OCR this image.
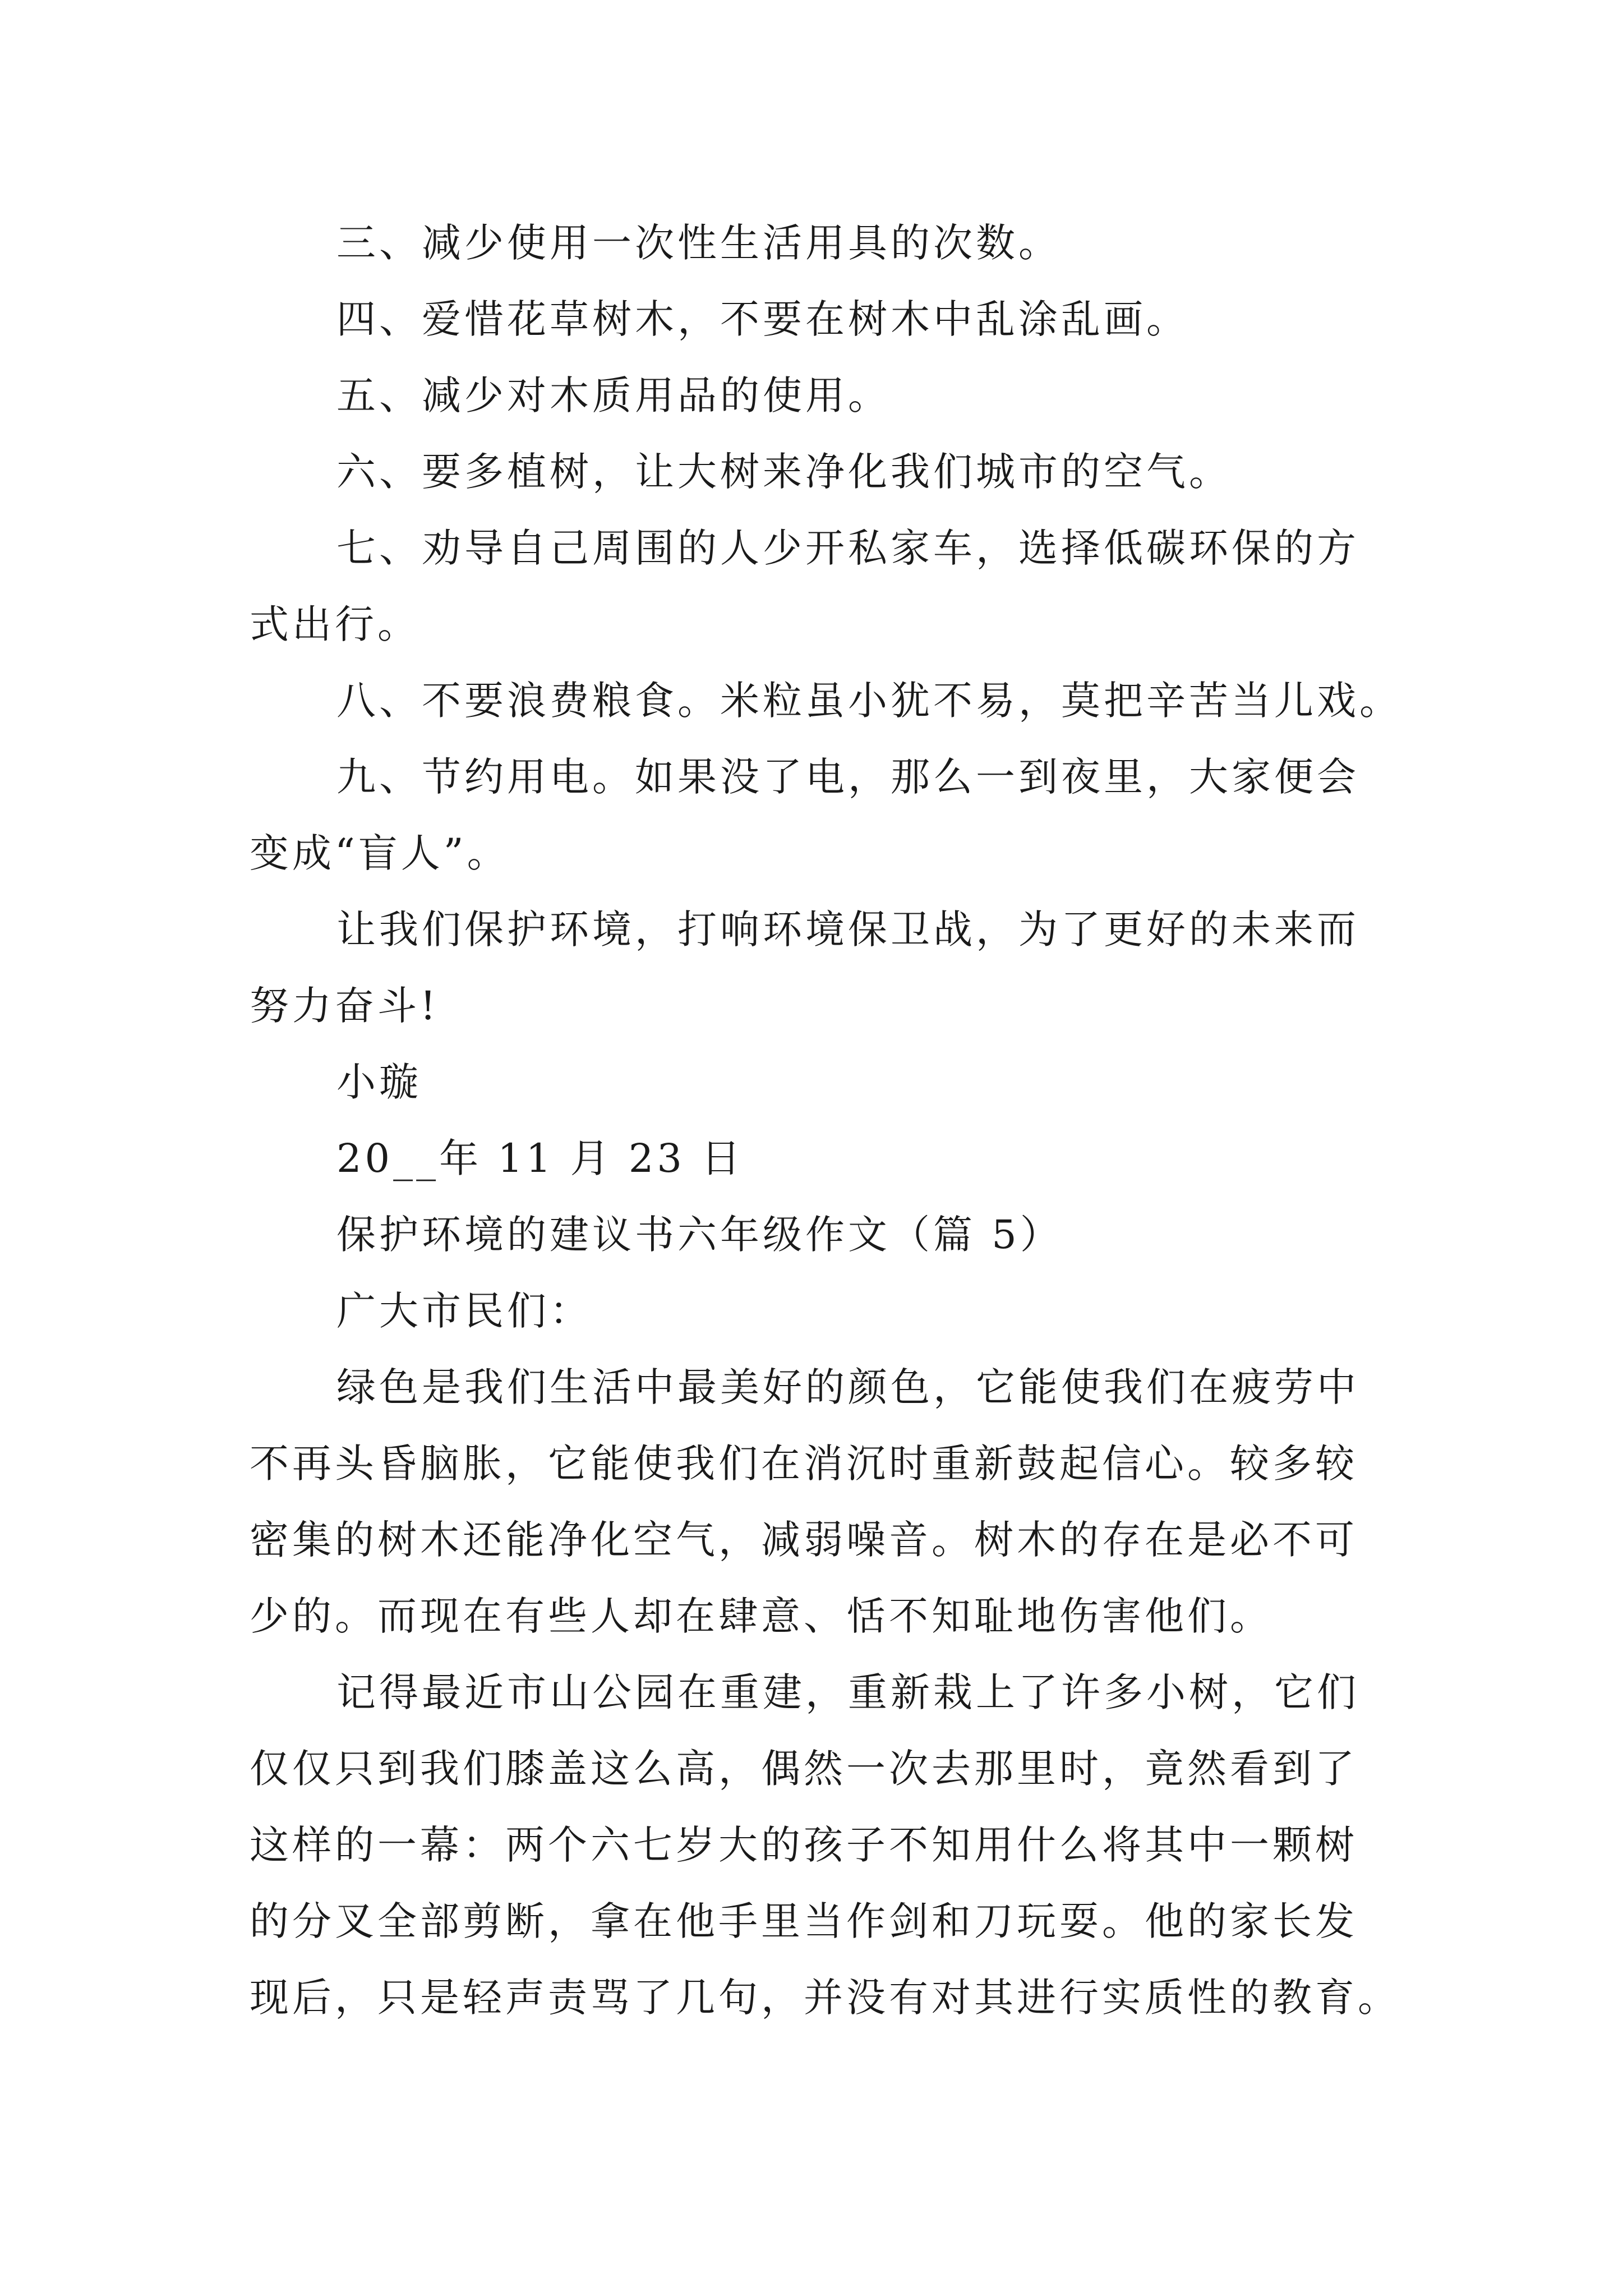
三、减少使用一次性生活用具的次数。

四、爱惜花草树木，不要在树木中乱涂乱画。

五、减少对木质用品的使用。

六、要多植树，让大树来净化我们城市的空气。

七、劝导自己周围的人少开私家车，选择低碳环保的方

式出行。

八、不要浪费粮食。米粒虽小犹不易，莫把辛苦当儿戏。

九、节约用电。如果没了电，那么一到夜里，大家便会

变成“盲人”。

让我们保护环境，打响环境保卫战，为了更好的未来而

努力奋斗!

小璇

20__年 11 月 23 日

保护环境的建议书六年级作文（篇 5）

广大市民们：

绿色是我们生活中最美好的颜色，它能使我们在疲劳中

不再头昏脑胀，它能使我们在消沉时重新鼓起信心。较多较

密集的树木还能净化空气，减弱噪音。树木的存在是必不可

少的。而现在有些人却在肆意、恬不知耻地伤害他们。

记得最近市山公园在重建，重新栽上了许多小树，它们

仅仅只到我们膝盖这么高，偶然一次去那里时，竟然看到了

这样的一幕：两个六七岁大的孩子不知用什么将其中一颗树

的分叉全部剪断，拿在他手里当作剑和刀玩耍。他的家长发

现后，只是轻声责骂了几句，并没有对其进行实质性的教育。
